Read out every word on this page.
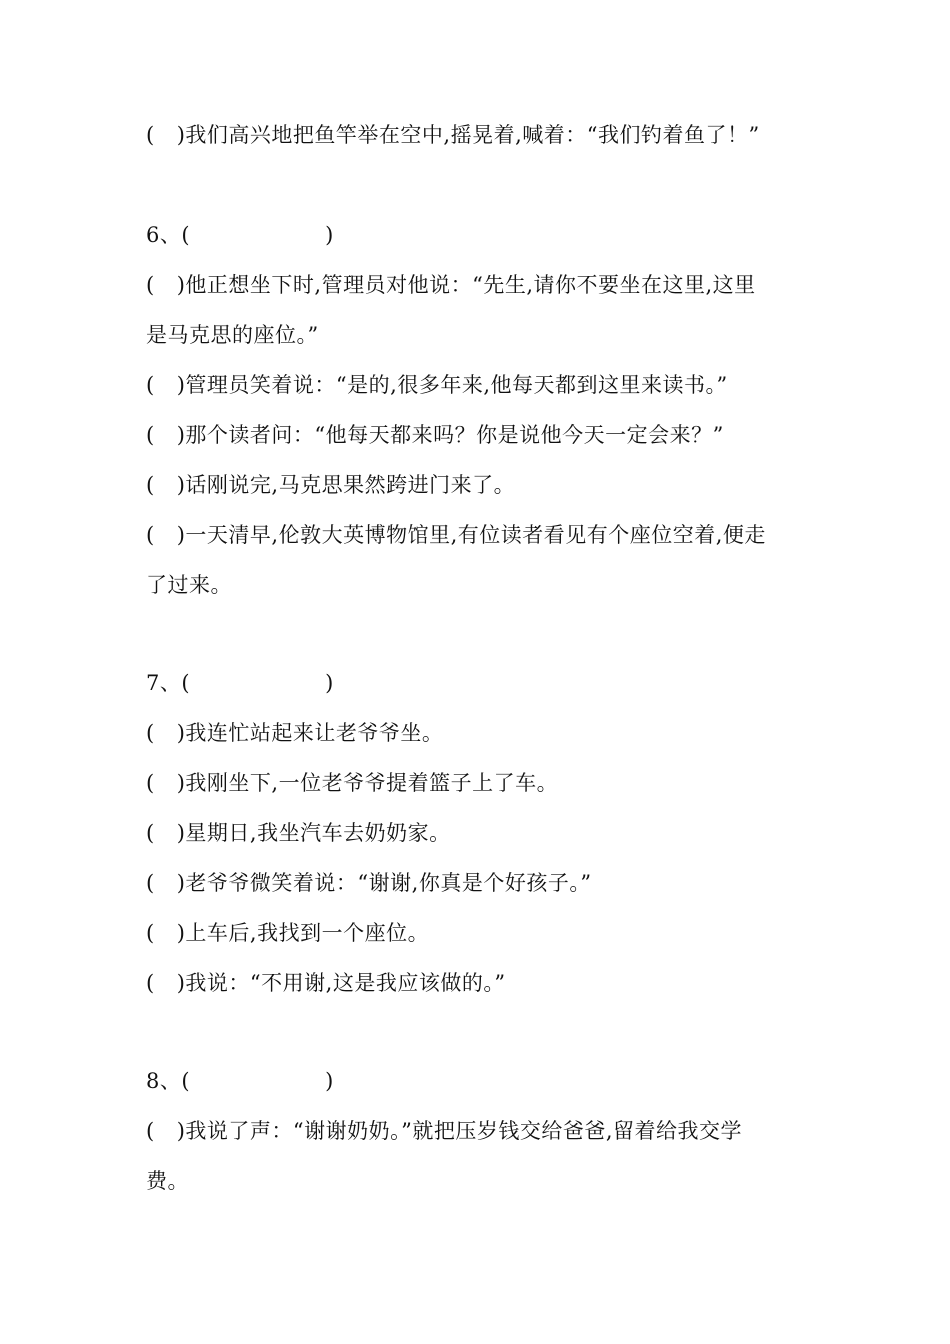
( )我们高兴地把鱼竿举在空中,摇晃着,喊着：“我们钓着鱼了！”
6、(	)
( )他正想坐下时,管理员对他说：“先生,请你不要坐在这里,这里
是马克思的座位。”
( )管理员笑着说：“是的,很多年来,他每天都到这里来读书。”
( )那个读者问：“他每天都来吗？你是说他今天一定会来？”
( )话刚说完,马克思果然跨进门来了。
( )一天清早,伦敦大英博物馆里,有位读者看见有个座位空着,便走
了过来。
7、(	)
( )我连忙站起来让老爷爷坐。
( )我刚坐下,一位老爷爷提着篮子上了车。
( )星期日,我坐汽车去奶奶家。
( )老爷爷微笑着说：“谢谢,你真是个好孩子。”
( )上车后,我找到一个座位。
( )我说：“不用谢,这是我应该做的。”
8、(	)
( )我说了声：“谢谢奶奶。”就把压岁钱交给爸爸,留着给我交学
费。
